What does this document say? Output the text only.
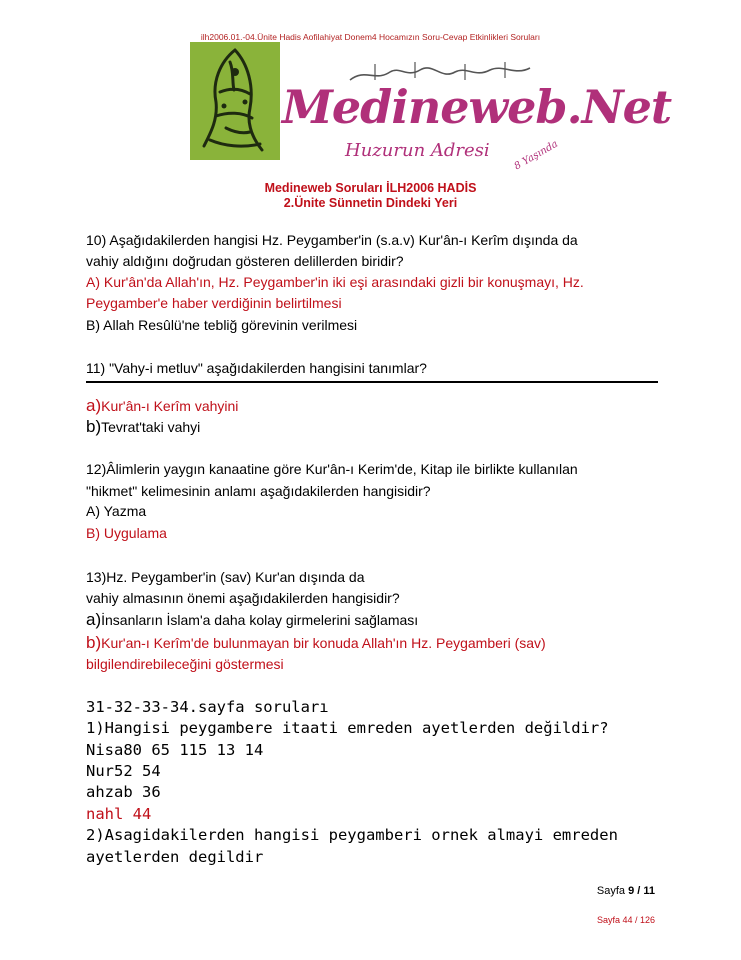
ilh2006.01.-04.Ünite Hadis Aofilahiyat Donem4 Hocamızın Soru-Cevap Etkinlikleri Soruları
Medineweb.Net
Huzurun Adresi 8 Yaşında
Medineweb Soruları İLH2006 HADİS
2.Ünite Sünnetin Dindeki Yeri
10) Aşağıdakilerden hangisi Hz. Peygamber'in (s.a.v) Kur'ân-ı Kerîm dışında da
vahiy aldığını doğrudan gösteren delillerden biridir?
A) Kur'ân'da Allah'ın, Hz. Peygamber'in iki eşi arasındaki gizli bir konuşmayı, Hz.
Peygamber'e haber verdiğinin belirtilmesi
B) Allah Resûlü'ne tebliğ görevinin verilmesi
11) "Vahy-i metluv" aşağıdakilerden hangisini tanımlar?
a)Kur'ân-ı Kerîm vahyini
b)Tevrat'taki vahyi
12)Âlimlerin yaygın kanaatine göre Kur'ân-ı Kerim'de, Kitap ile birlikte kullanılan
"hikmet" kelimesinin anlamı aşağıdakilerden hangisidir?
A) Yazma
B) Uygulama
13)Hz. Peygamber'in (sav) Kur'an dışında da
vahiy almasının önemi aşağıdakilerden hangisidir?
a)İnsanların İslam'a daha kolay girmelerini sağlaması
b)Kur'an-ı Kerîm'de bulunmayan bir konuda Allah'ın Hz. Peygamberi (sav)
bilgilendirebileceğini göstermesi
31-32-33-34.sayfa soruları
1)Hangisi peygambere itaati emreden ayetlerden değildir?
Nisa80 65 115 13 14
Nur52 54
ahzab 36
nahl 44
2)Asagidakilerden hangisi peygamberi ornek almayi emreden
ayetlerden degildir
Sayfa 9 / 11
Sayfa 44 / 126
